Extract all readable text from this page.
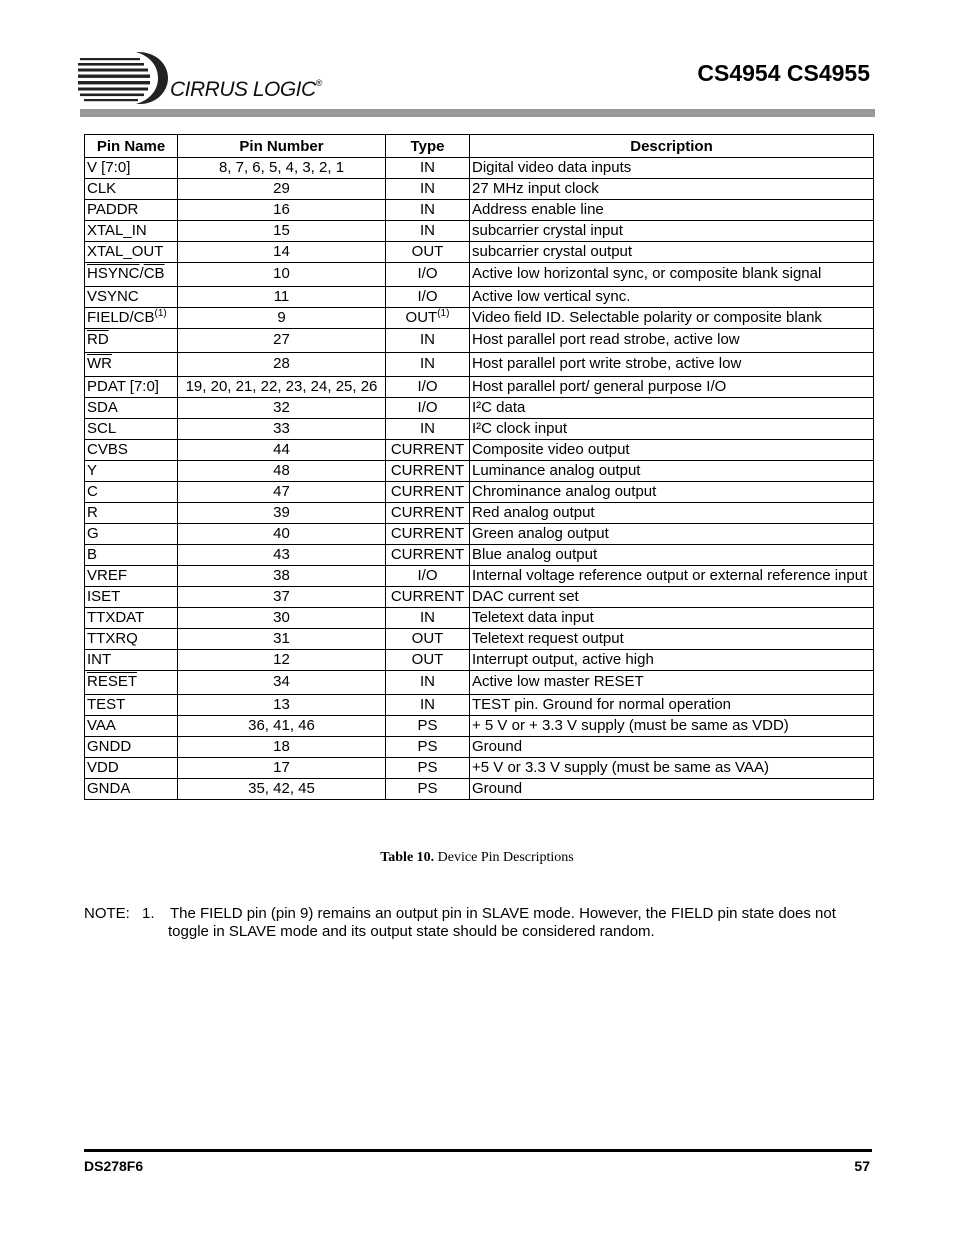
CIRRUS LOGIC®	CS4954 CS4955
Pin Name	Pin Number	Type	Description
V [7:0]	8, 7, 6, 5, 4, 3, 2, 1	IN	Digital video data inputs
CLK	29	IN	27 MHz input clock
PADDR	16	IN	Address enable line
XTAL_IN	15	IN	subcarrier crystal input
XTAL_OUT	14	OUT	subcarrier crystal output
HSYNC/$\overline{CB}$	10	I/O	Active low horizontal sync, or composite blank signal
VSYNC	11	I/O	Active low vertical sync.
FIELD/CB$^{(1)}$	9	OUT$^{(1)}$	Video field ID. Selectable polarity or composite blank
$\overline{RD}$	27	IN	Host parallel port read strobe, active low
$\overline{WR}$	28	IN	Host parallel port write strobe, active low
PDAT [7:0]	19, 20, 21, 22, 23, 24, 25, 26	I/O	Host parallel port/ general purpose I/O
SDA	32	I/O	I²C data
SCL	33	IN	I²C clock input
CVBS	44	CURRENT	Composite video output
Y	48	CURRENT	Luminance analog output
C	47	CURRENT	Chrominance analog output
R	39	CURRENT	Red analog output
G	40	CURRENT	Green analog output
B	43	CURRENT	Blue analog output
VREF	38	I/O	Internal voltage reference output or external reference input
ISET	37	CURRENT	DAC current set
TTXDAT	30	IN	Teletext data input
TTXRQ	31	OUT	Teletext request output
INT	12	OUT	Interrupt output, active high
RESET	34	IN	Active low master RESET
TEST	13	IN	TEST pin. Ground for normal operation
VAA	36, 41, 46	PS	+ 5 V or + 3.3 V supply (must be same as VDD)
GNDD	18	PS	Ground
VDD	17	PS	+5 V or 3.3 V supply (must be same as VAA)
GNDA	35, 42, 45	PS	Ground
Table 10. Device Pin Descriptions
NOTE: 1. The FIELD pin (pin 9) remains an output pin in SLAVE mode. However, the FIELD pin state does not toggle in SLAVE mode and its output state should be considered random.
DS278F6	57
